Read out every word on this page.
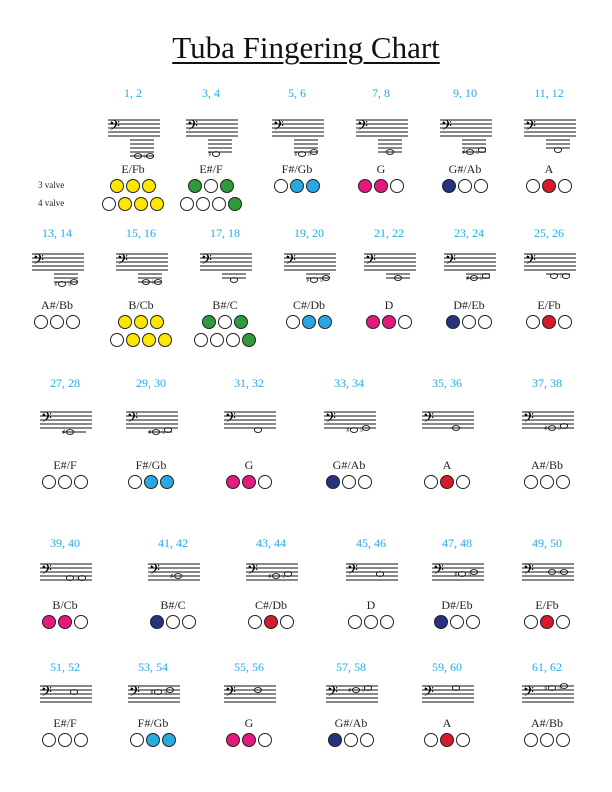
Tuba Fingering Chart
1, 2
𝄢
♭
E/Fb
3, 4
𝄢
♯
E#/F
5, 6
𝄢
♯ ♭
F#/Gb
7, 8
𝄢
G
9, 10
𝄢
♯ ♭
G#/Ab
11, 12
𝄢
A
13, 14
𝄢
♯ ♭
A#/Bb
15, 16
𝄢
♭
B/Cb
17, 18
𝄢
B#/C
19, 20
𝄢
♯ ♭
C#/Db
21, 22
𝄢
D
23, 24
𝄢
♯ ♭
D#/Eb
25, 26
𝄢
♭
E/Fb
27, 28
𝄢
♯
E#/F
29, 30
𝄢
♯ ♭
F#/Gb
31, 32
𝄢
G
33, 34
𝄢
♯ ♭
G#/Ab
35, 36
𝄢
A
37, 38
𝄢 ♯ ♭
A#/Bb
39, 40
𝄢	♭
B/Cb
41, 42
𝄢 ♯
B#/C
43, 44
𝄢 ♯ ♭
C#/Db
45, 46
𝄢
D
47, 48
𝄢 ♯ ♭
D#/Eb
49, 50
𝄢	♭
E/Fb
51, 52
𝄢
E#/F
53, 54
𝄢 ♯ ♭
F#/Gb
55, 56
𝄢
G
57, 58
𝄢 ♯ ♭
G#/Ab
59, 60
𝄢
A
61, 62
𝄢 ♯ ♭
A#/Bb
3 valve
4 valve
